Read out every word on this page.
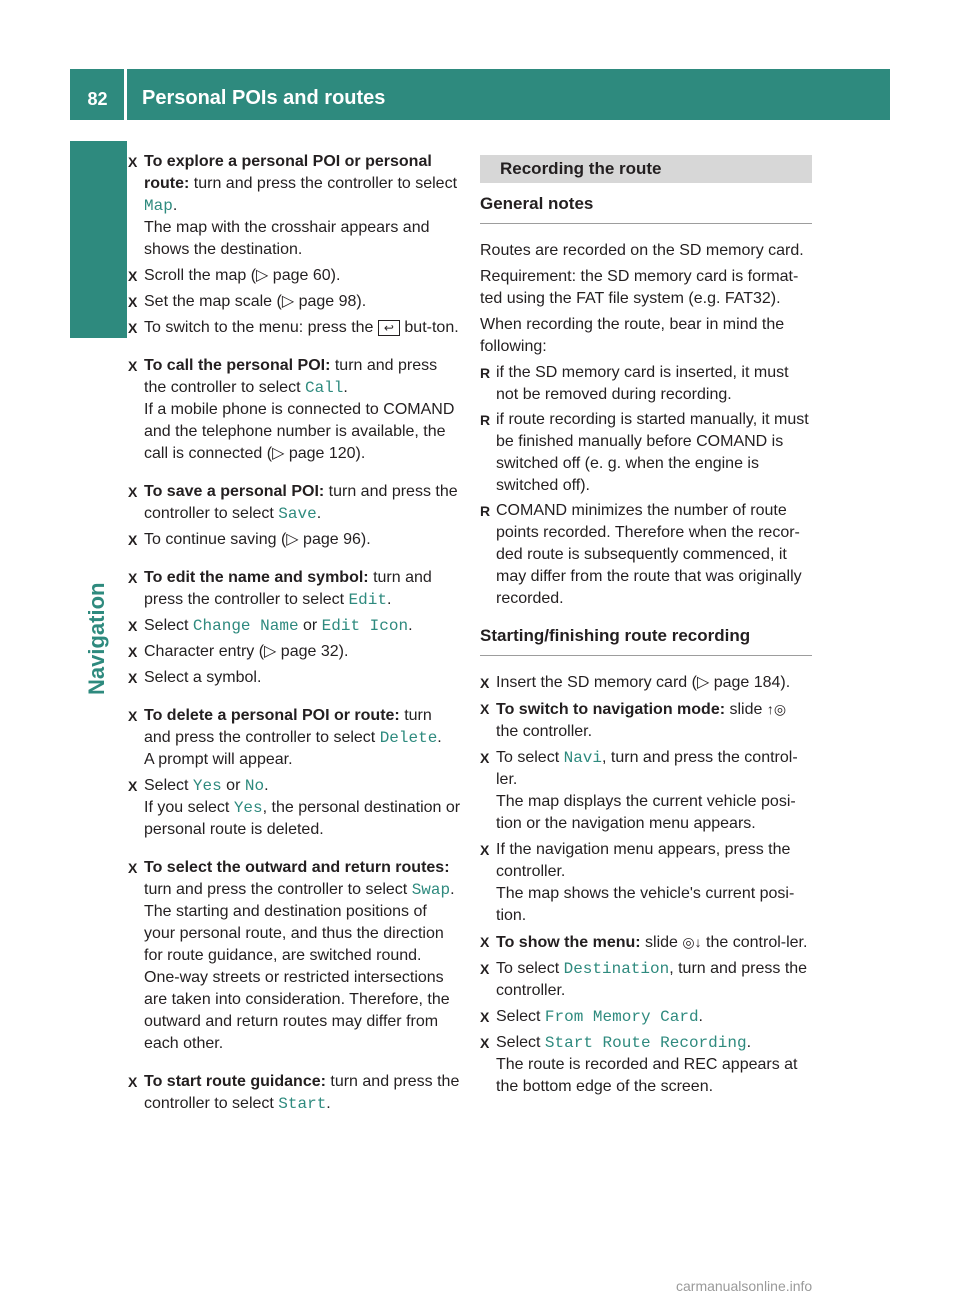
82	Personal POIs and routes
Navigation
X To explore a personal POI or personal route: turn and press the controller to select Map.
The map with the crosshair appears and shows the destination.
X Scroll the map (▷ page 60).
X Set the map scale (▷ page 98).
X To switch to the menu: press the ↩ but-ton.
X To call the personal POI: turn and press the controller to select Call.
If a mobile phone is connected to COMAND and the telephone number is available, the call is connected (▷ page 120).
X To save a personal POI: turn and press the controller to select Save.
X To continue saving (▷ page 96).
X To edit the name and symbol: turn and press the controller to select Edit.
X Select Change Name or Edit Icon.
X Character entry (▷ page 32).
X Select a symbol.
X To delete a personal POI or route: turn and press the controller to select Delete.
A prompt will appear.
X Select Yes or No.
If you select Yes, the personal destination or personal route is deleted.
X To select the outward and return routes: turn and press the controller to select Swap.
The starting and destination positions of your personal route, and thus the direction for route guidance, are switched round.
One-way streets or restricted intersections are taken into consideration. Therefore, the outward and return routes may differ from each other.
X To start route guidance: turn and press the controller to select Start.
Recording the route
General notes
Routes are recorded on the SD memory card.
Requirement: the SD memory card is format-ted using the FAT file system (e.g. FAT32).
When recording the route, bear in mind the following:
R if the SD memory card is inserted, it must not be removed during recording.
R if route recording is started manually, it must be finished manually before COMAND is switched off (e. g. when the engine is switched off).
R COMAND minimizes the number of route points recorded. Therefore when the recor-ded route is subsequently commenced, it may differ from the route that was originally recorded.
Starting/finishing route recording
X Insert the SD memory card (▷ page 184).
X To switch to navigation mode: slide ↑◎ the controller.
X To select Navi, turn and press the control-ler.
The map displays the current vehicle posi-tion or the navigation menu appears.
X If the navigation menu appears, press the controller.
The map shows the vehicle's current posi-tion.
X To show the menu: slide ◎↓ the control-ler.
X To select Destination, turn and press the controller.
X Select From Memory Card.
X Select Start Route Recording.
The route is recorded and REC appears at the bottom edge of the screen.
carmanualsonline.info
